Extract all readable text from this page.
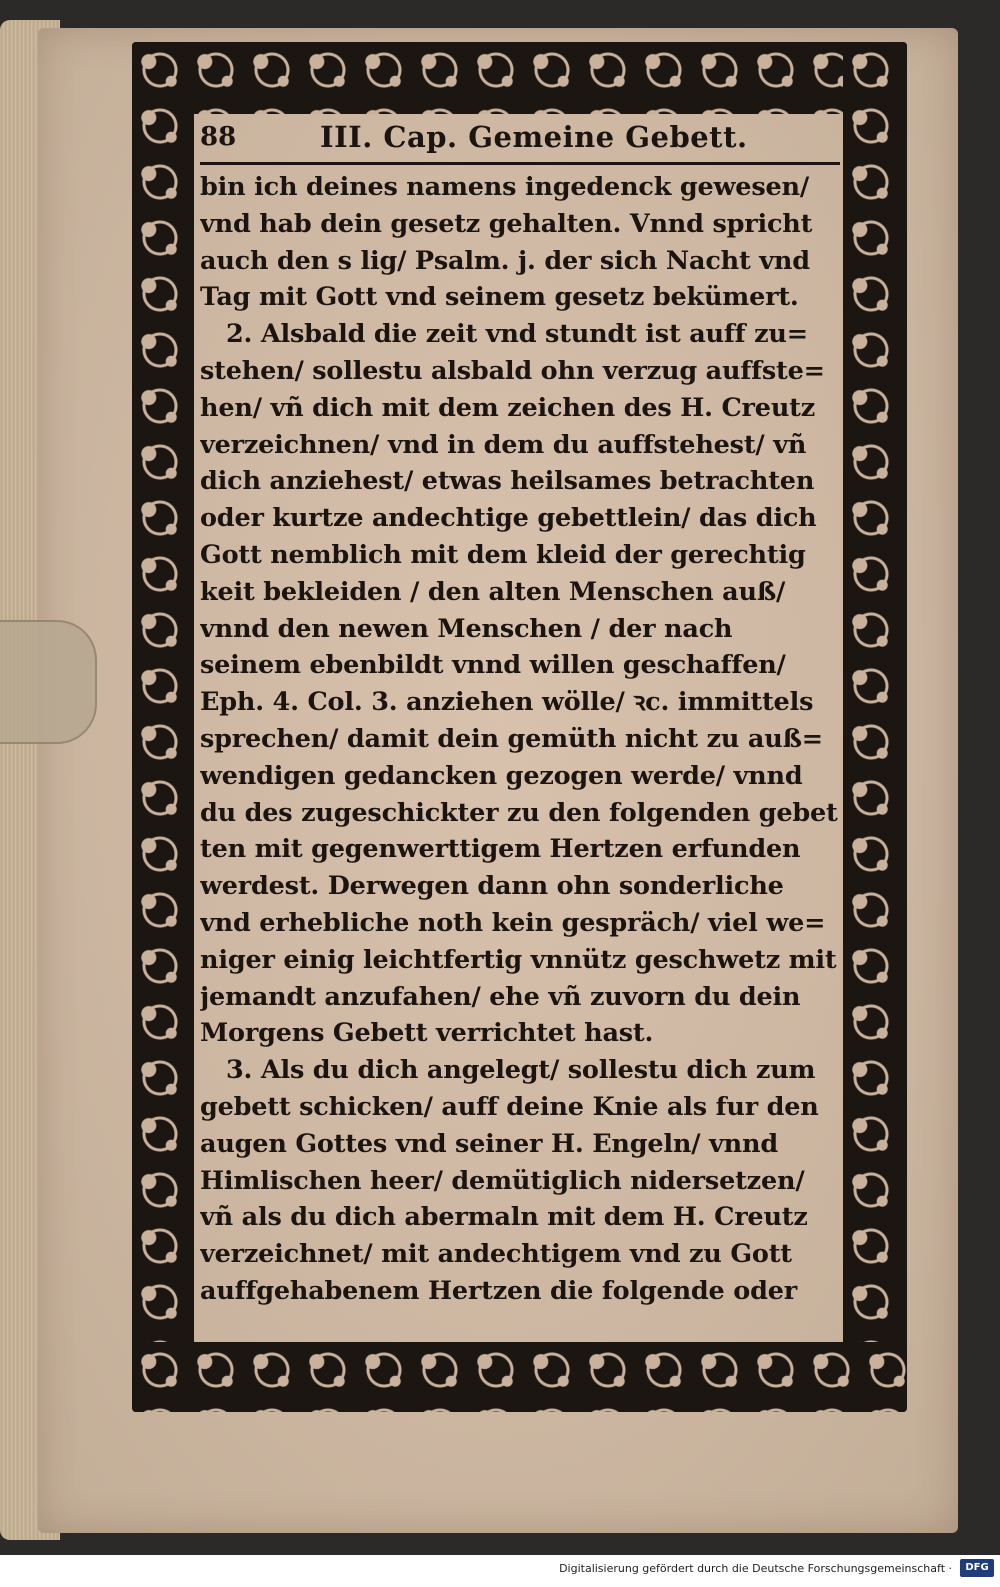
88	III. Cap. Gemeine Gebett.
bin ich deines namens ingedenck gewesen/
vnd hab dein gesetz gehalten. Vnnd spricht
auch den s lig/ Psalm. j. der sich Nacht vnd
Tag mit Gott vnd seinem gesetz bekümert.
2. Alsbald die zeit vnd stundt ist auff zu=
stehen/ sollestu alsbald ohn verzug auffste=
hen/ vñ dich mit dem zeichen des H. Creutz
verzeichnen/ vnd in dem du auffstehest/ vñ
dich anziehest/ etwas heilsames betrachten
oder kurtze andechtige gebettlein/ das dich
Gott nemblich mit dem kleid der gerechtig
keit bekleiden / den alten Menschen auß/
vnnd den newen Menschen / der nach
seinem ebenbildt vnnd willen geschaffen/
Eph. 4. Col. 3. anziehen wölle/ ꝛc. immittels
sprechen/ damit dein gemüth nicht zu auß=
wendigen gedancken gezogen werde/ vnnd
du des zugeschickter zu den folgenden gebet
ten mit gegenwerttigem Hertzen erfunden
werdest. Derwegen dann ohn sonderliche
vnd erhebliche noth kein gespräch/ viel we=
niger einig leichtfertig vnnütz geschwetz mit
jemandt anzufahen/ ehe vñ zuvorn du dein
Morgens Gebett verrichtet hast.
3. Als du dich angelegt/ sollestu dich zum
gebett schicken/ auff deine Knie als fur den
augen Gottes vnd seiner H. Engeln/ vnnd
Himlischen heer/ demütiglich nidersetzen/
vñ als du dich abermaln mit dem H. Creutz
verzeichnet/ mit andechtigem vnd zu Gott
auffgehabenem Hertzen die folgende oder
Digitalisierung gefördert durch die Deutsche Forschungsgemeinschaft ·	DFG
